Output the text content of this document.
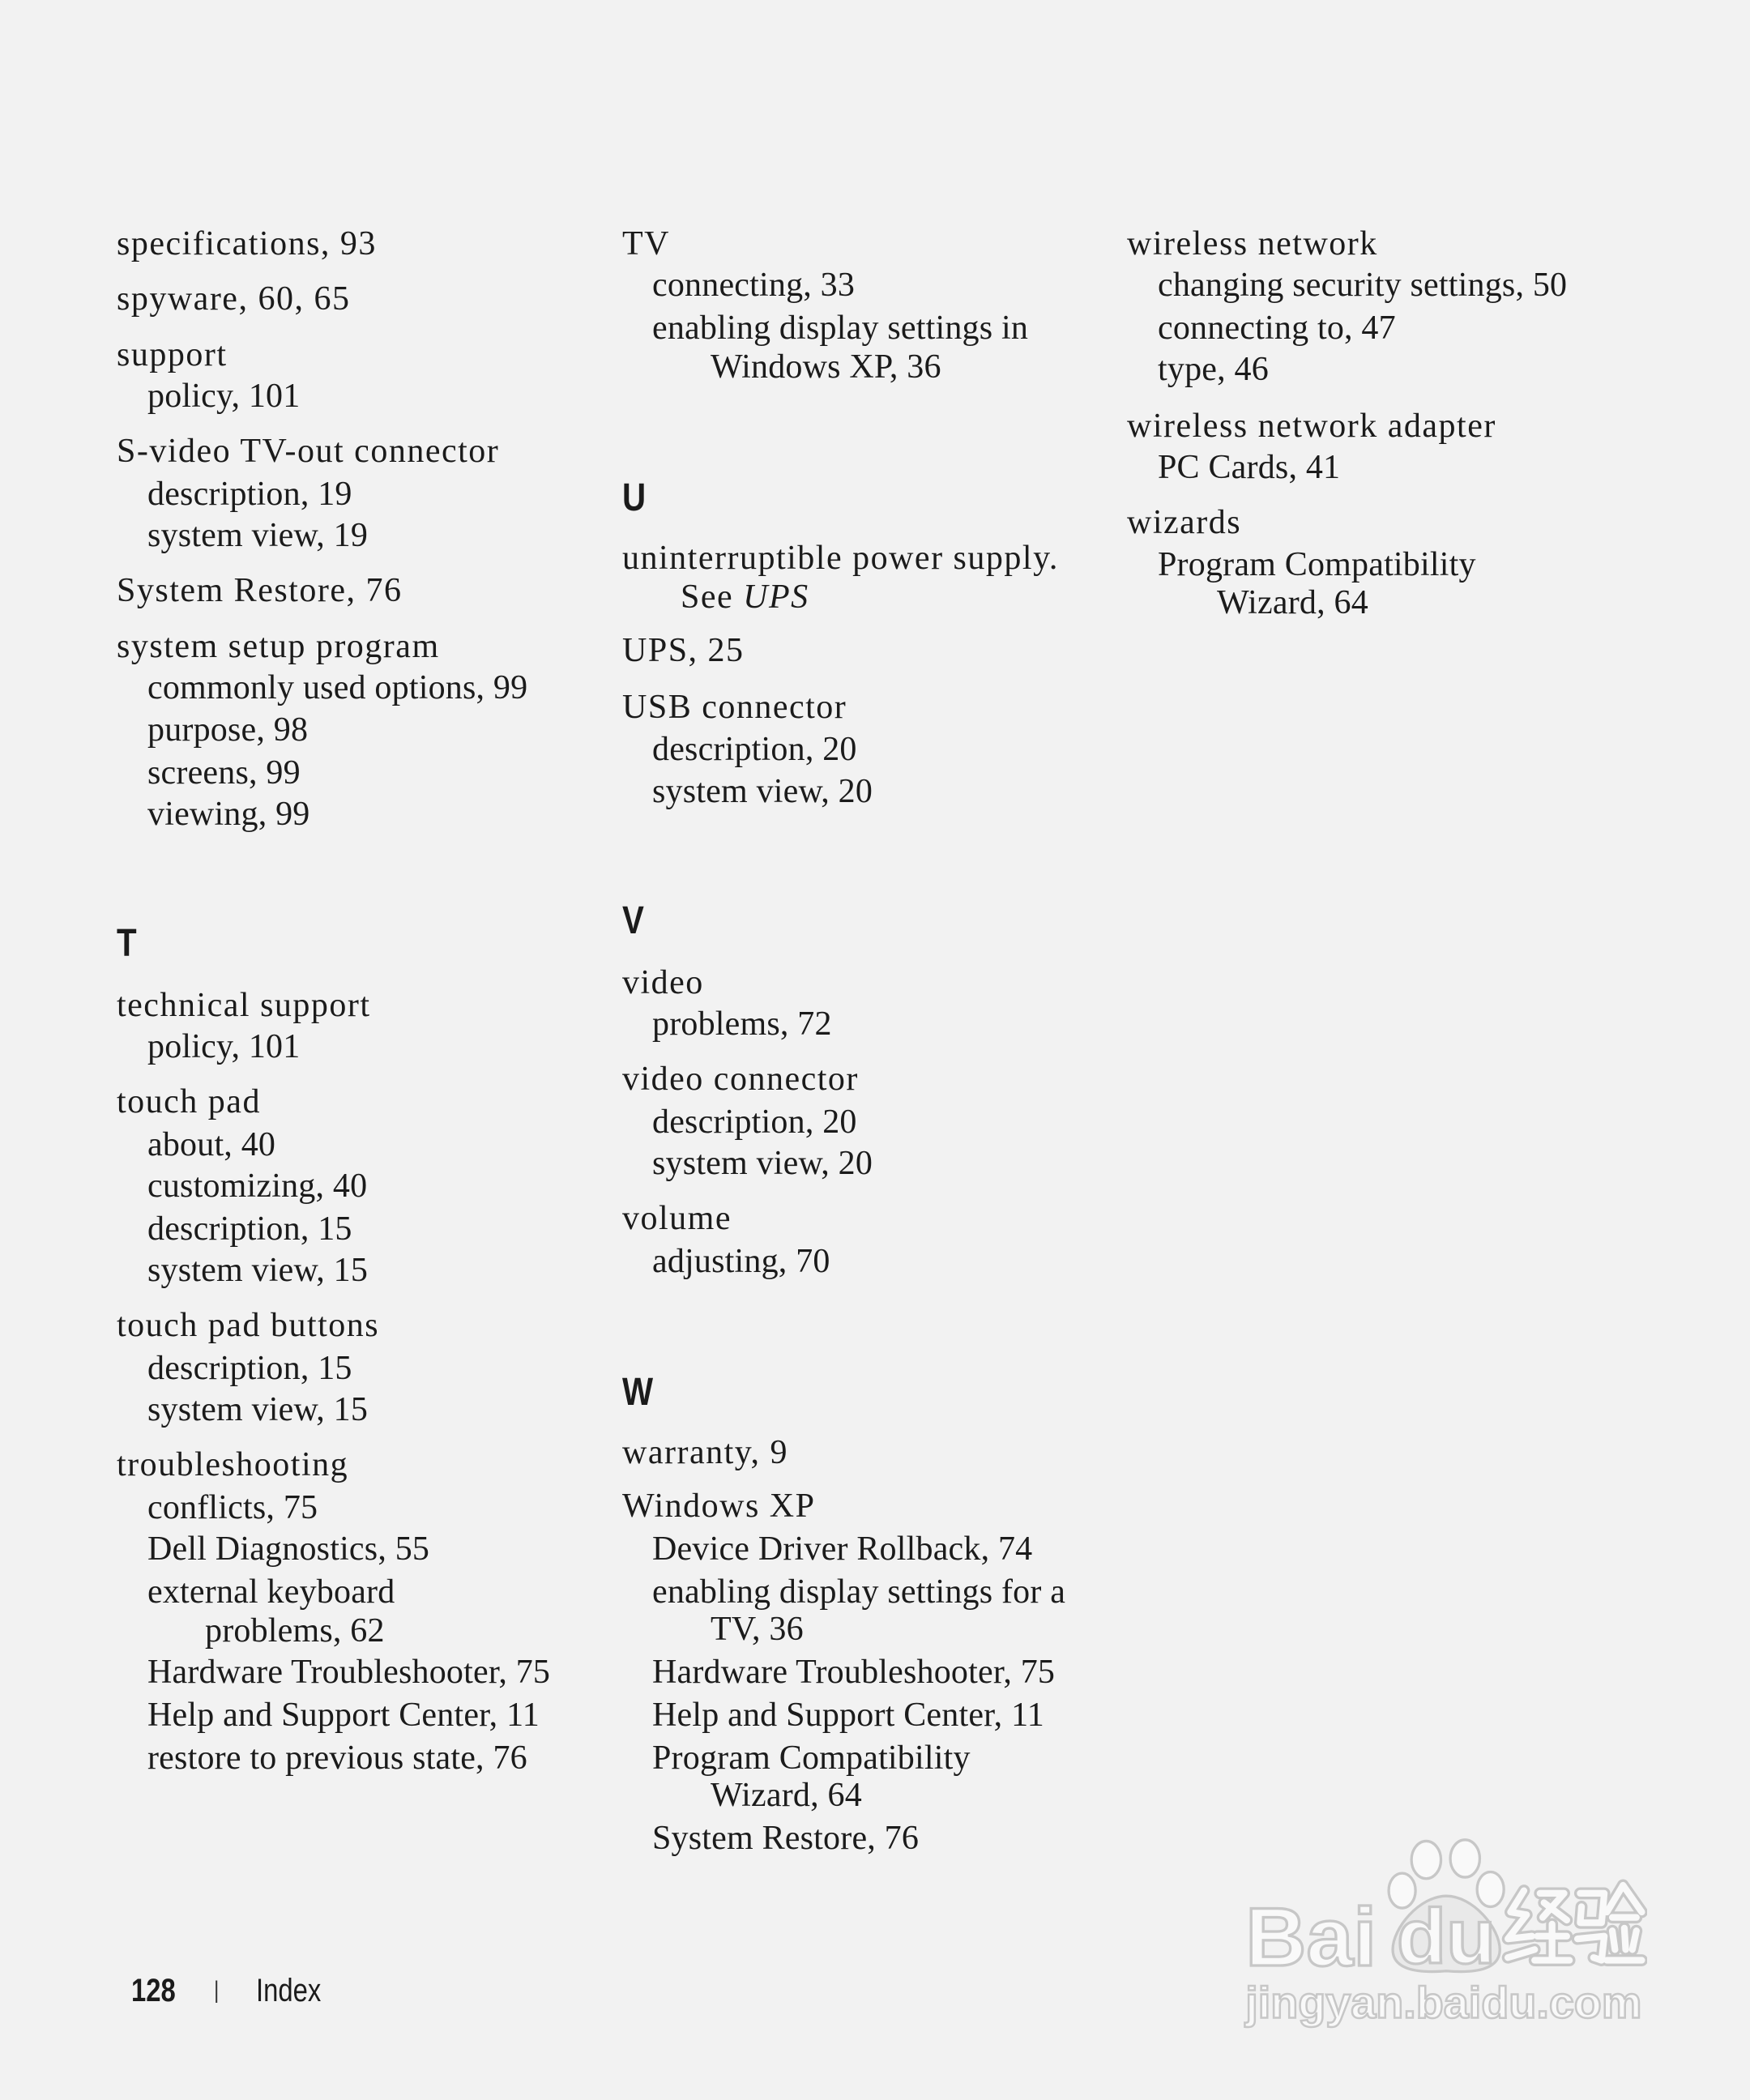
specifications, 93
spyware, 60, 65
support
policy, 101
S-video TV-out connector
description, 19
system view, 19
System Restore, 76
system setup program
commonly used options, 99
purpose, 98
screens, 99
viewing, 99
T
technical support
policy, 101
touch pad
about, 40
customizing, 40
description, 15
system view, 15
touch pad buttons
description, 15
system view, 15
troubleshooting
conflicts, 75
Dell Diagnostics, 55
external keyboard
problems, 62
Hardware Troubleshooter, 75
Help and Support Center, 11
restore to previous state, 76
TV
connecting, 33
enabling display settings in
Windows XP, 36
U
uninterruptible power supply.
See UPS
UPS, 25
USB connector
description, 20
system view, 20
V
video
problems, 72
video connector
description, 20
system view, 20
volume
adjusting, 70
W
warranty, 9
Windows XP
Device Driver Rollback, 74
enabling display settings for a
TV, 36
Hardware Troubleshooter, 75
Help and Support Center, 11
Program Compatibility
Wizard, 64
System Restore, 76
wireless network
changing security settings, 50
connecting to, 47
type, 46
wireless network adapter
PC Cards, 41
wizards
Program Compatibility
Wizard, 64
128 | Index
Bai du
jingyan.baidu.com
